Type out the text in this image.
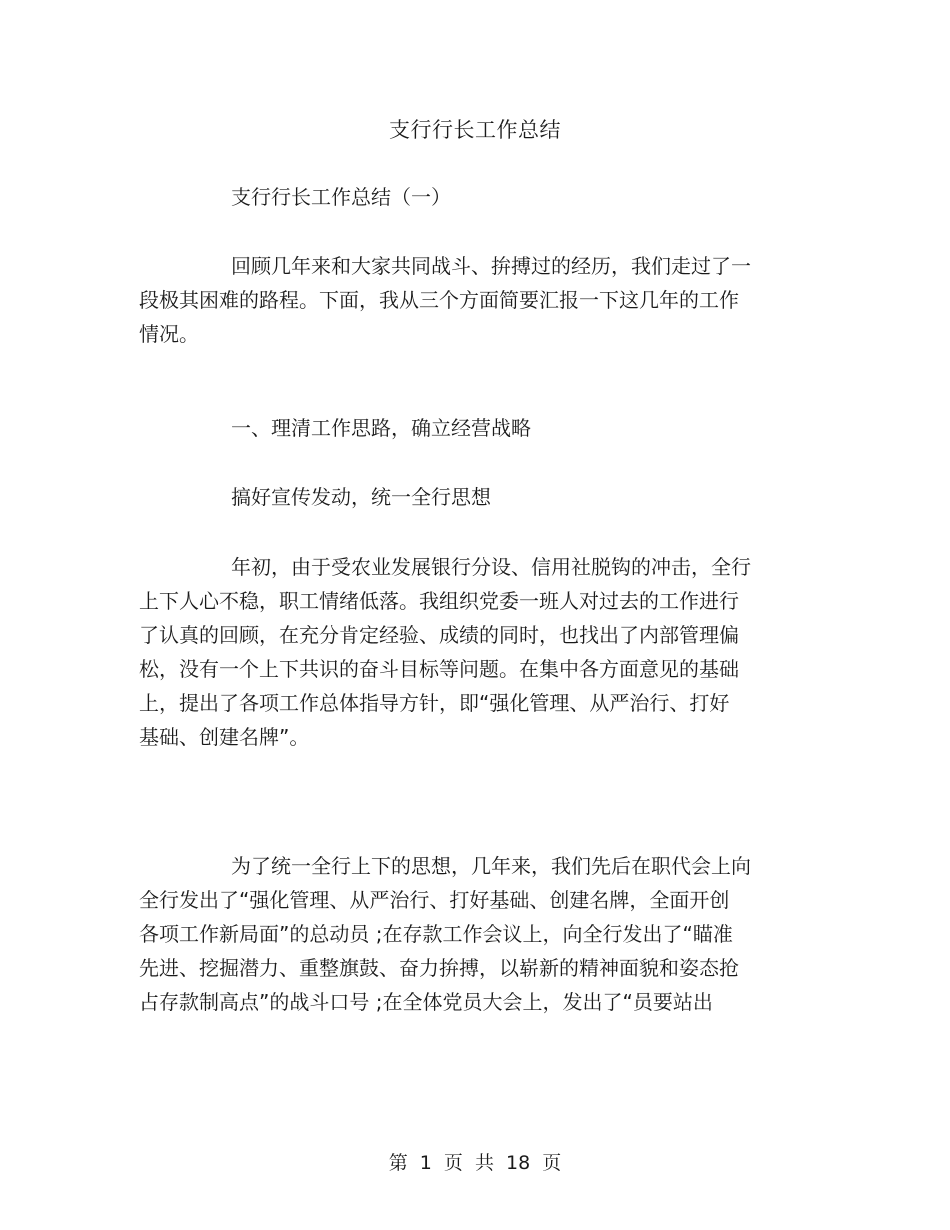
支行行长工作总结
支行行长工作总结（一）
回顾几年来和大家共同战斗、拚搏过的经历，我们走过了一
段极其困难的路程。下面，我从三个方面简要汇报一下这几年的工作
情况。
一、理清工作思路，确立经营战略
搞好宣传发动，统一全行思想
年初，由于受农业发展银行分设、信用社脱钩的冲击，全行
上下人心不稳，职工情绪低落。我组织党委一班人对过去的工作进行
了认真的回顾，在充分肯定经验、成绩的同时，也找出了内部管理偏
松，没有一个上下共识的奋斗目标等问题。在集中各方面意见的基础
上，提出了各项工作总体指导方针，即“强化管理、从严治行、打好
基础、创建名牌”。
为了统一全行上下的思想，几年来，我们先后在职代会上向
全行发出了“强化管理、从严治行、打好基础、创建名牌，全面开创
各项工作新局面”的总动员 ;在存款工作会议上，向全行发出了“瞄准
先进、挖掘潜力、重整旗鼓、奋力拚搏，以崭新的精神面貌和姿态抢
占存款制高点”的战斗口号 ;在全体党员大会上，发出了“员要站出
第 1 页 共 18 页
